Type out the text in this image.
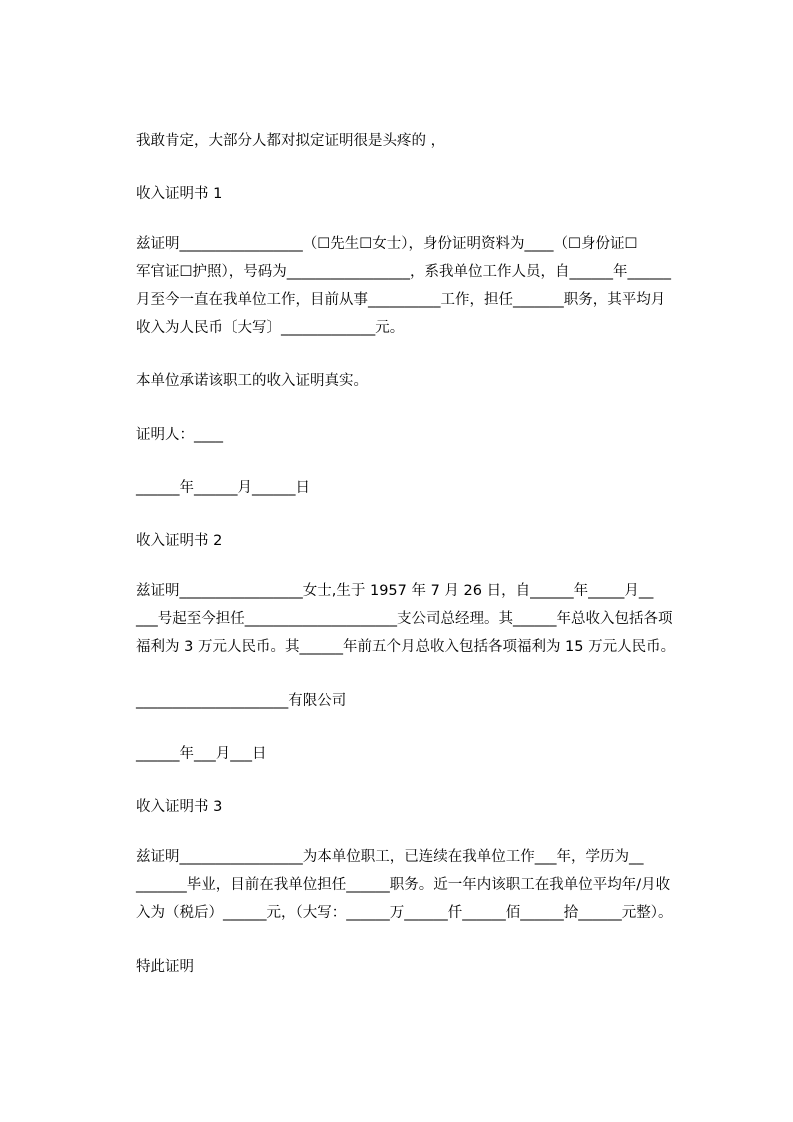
我敢肯定，大部分人都对拟定证明很是头疼的 ，
收入证明书 1
兹证明_________________（☐先生☐女士），身份证明资料为____（☐身份证☐
军官证☐护照），号码为_________________，系我单位工作人员，自______年______
月至今一直在我单位工作，目前从事__________工作，担任_______职务，其平均月
收入为人民币〔大写〕_____________元。
本单位承诺该职工的收入证明真实。
证明人：____
______年______月______日
收入证明书 2
兹证明_________________女士,生于 1957 年 7 月 26 日，自______年_____月__
___号起至今担任_____________________支公司总经理。其______年总收入包括各项
福利为 3 万元人民币。其______年前五个月总收入包括各项福利为 15 万元人民币。
_____________________有限公司
______年___月___日
收入证明书 3
兹证明_________________为本单位职工，已连续在我单位工作___年，学历为__
_______毕业，目前在我单位担任______职务。近一年内该职工在我单位平均年/月收
入为（税后）______元，（大写：______万______仟______佰______拾______元整）。
特此证明
